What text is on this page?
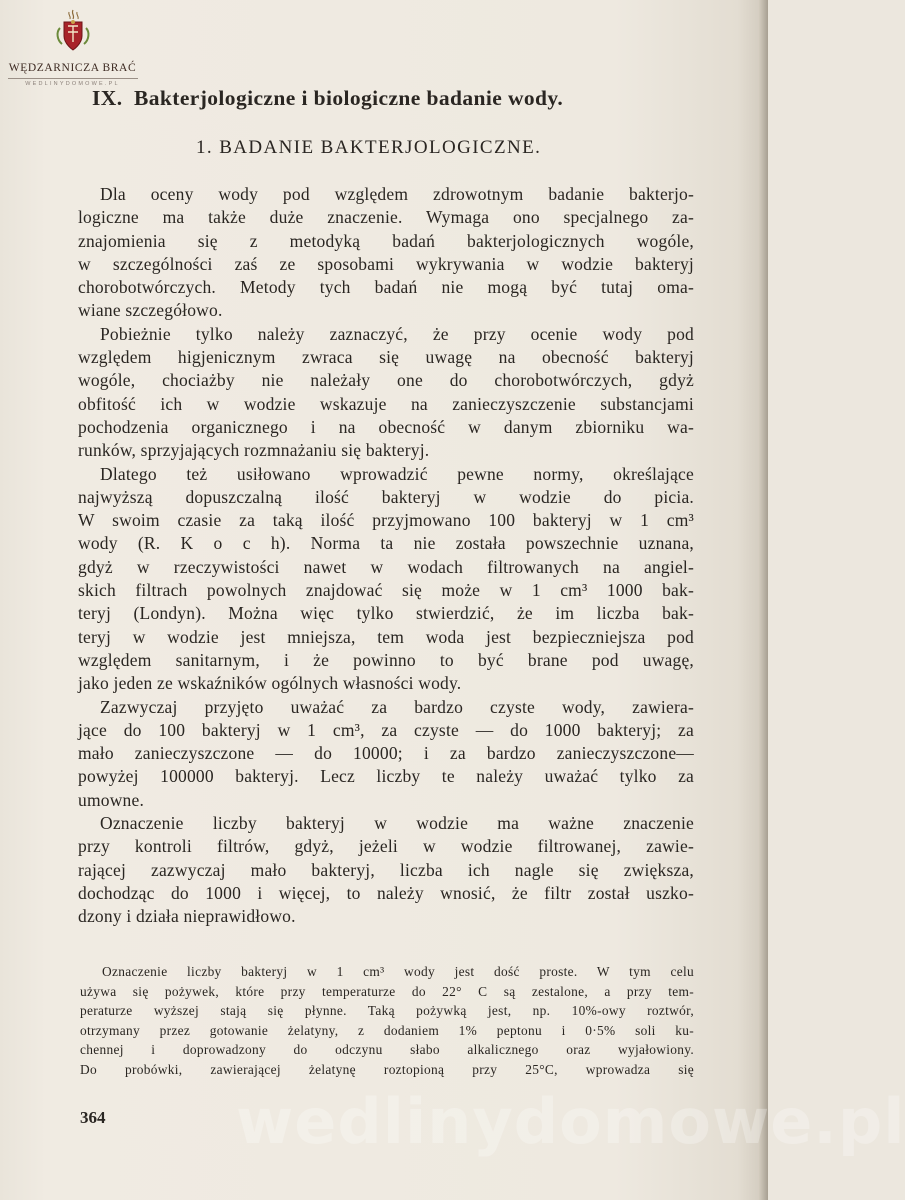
WĘDZARNICZA BRAĆ
WEDLINYDOMOWE.PL
IX. Bakterjologiczne i biologiczne badanie wody.
1. BADANIE BAKTERJOLOGICZNE.

Dla oceny wody pod względem zdrowotnym badanie bakterjo-
logiczne ma także duże znaczenie. Wymaga ono specjalnego za-
znajomienia się z metodyką badań bakterjologicznych wogóle,
w szczególności zaś ze sposobami wykrywania w wodzie bakteryj
chorobotwórczych. Metody tych badań nie mogą być tutaj oma-
wiane szczegółowo.

Pobieżnie tylko należy zaznaczyć, że przy ocenie wody pod
względem higjenicznym zwraca się uwagę na obecność bakteryj
wogóle, chociażby nie należały one do chorobotwórczych, gdyż
obfitość ich w wodzie wskazuje na zanieczyszczenie substancjami
pochodzenia organicznego i na obecność w danym zbiorniku wa-
runków, sprzyjających rozmnażaniu się bakteryj.

Dlatego też usiłowano wprowadzić pewne normy, określające
najwyższą dopuszczalną ilość bakteryj w wodzie do picia.
W swoim czasie za taką ilość przyjmowano 100 bakteryj w 1 cm³
wody (R. K o c h). Norma ta nie została powszechnie uznana,
gdyż w rzeczywistości nawet w wodach filtrowanych na angiel-
skich filtrach powolnych znajdować się może w 1 cm³ 1000 bak-
teryj (Londyn). Można więc tylko stwierdzić, że im liczba bak-
teryj w wodzie jest mniejsza, tem woda jest bezpieczniejsza pod
względem sanitarnym, i że powinno to być brane pod uwagę,
jako jeden ze wskaźników ogólnych własności wody.

Zazwyczaj przyjęto uważać za bardzo czyste wody, zawiera-
jące do 100 bakteryj w 1 cm³, za czyste — do 1000 bakteryj; za
mało zanieczyszczone — do 10000; i za bardzo zanieczyszczone—
powyżej 100000 bakteryj. Lecz liczby te należy uważać tylko za
umowne.

Oznaczenie liczby bakteryj w wodzie ma ważne znaczenie
przy kontroli filtrów, gdyż, jeżeli w wodzie filtrowanej, zawie-
rającej zazwyczaj mało bakteryj, liczba ich nagle się zwiększa,
dochodząc do 1000 i więcej, to należy wnosić, że filtr został uszko-
dzony i działa nieprawidłowo.

Oznaczenie liczby bakteryj w 1 cm³ wody jest dość proste. W tym celu
używa się pożywek, które przy temperaturze do 22° C są zestalone, a przy tem-
peraturze wyższej stają się płynne. Taką pożywką jest, np. 10%-owy roztwór,
otrzymany przez gotowanie żelatyny, z dodaniem 1% peptonu i 0·5% soli ku-
chennej i doprowadzony do odczynu słabo alkalicznego oraz wyjałowiony.
Do probówki, zawierającej żelatynę roztopioną przy 25°C, wprowadza się
364 wedlinydomowe.pl
